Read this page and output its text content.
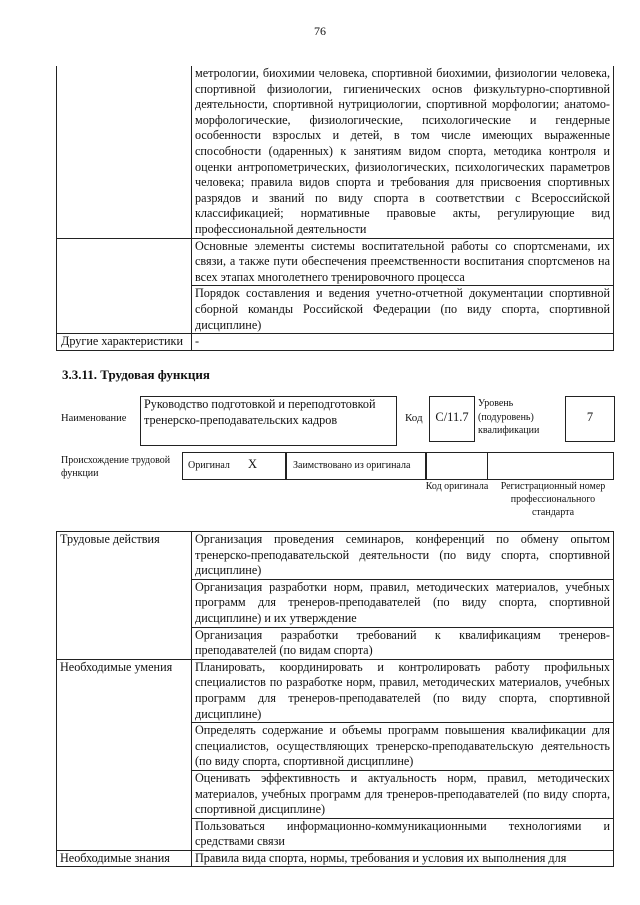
76
	метрологии, биохимии человека, спортивной биохимии, физиологии человека, спортивной физиологии, гигиенических основ физкультурно-спортивной деятельности, спортивной нутрициологии, спортивной морфологии; анатомо-морфологические, физиологические, психологические и гендерные особенности взрослых и детей, в том числе имеющих выраженные способности (одаренных) к занятиям видом спорта, методика контроля и оценки антропометрических, физиологических, психологических параметров человека; правила видов спорта и требования для присвоения спортивных разрядов и званий по виду спорта в соответствии с Всероссийской классификацией; нормативные правовые акты, регулирующие вид профессиональной деятельности
	Основные элементы системы воспитательной работы со спортсменами, их связи, а также пути обеспечения преемственности воспитания спортсменов на всех этапах многолетнего тренировочного процесса
	Порядок составления и ведения учетно-отчетной документации спортивной сборной команды Российской Федерации (по виду спорта, спортивной дисциплине)
Другие характеристики	-
3.3.11. Трудовая функция
Наименование
Руководство подготовкой и переподготовкой тренерско-преподавательских кадров	Код	C/11.7
Уровень (подуровень) квалификации
7
Происхождение трудовой функции
Оригинал X	Заимствовано из оригинала
Код оригинала	Регистрационный номер профессионального стандарта
Трудовые действия	Организация проведения семинаров, конференций по обмену опытом тренерско-преподавательской деятельности (по виду спорта, спортивной дисциплине)
	Организация разработки норм, правил, методических материалов, учебных программ для тренеров-преподавателей (по виду спорта, спортивной дисциплине) и их утверждение
	Организация разработки требований к квалификациям тренеров-преподавателей (по видам спорта)
Необходимые умения	Планировать, координировать и контролировать работу профильных специалистов по разработке норм, правил, методических материалов, учебных программ для тренеров-преподавателей (по виду спорта, спортивной дисциплине)
	Определять содержание и объемы программ повышения квалификации для специалистов, осуществляющих тренерско-преподавательскую деятельность (по виду спорта, спортивной дисциплине)
	Оценивать эффективность и актуальность норм, правил, методических материалов, учебных программ для тренеров-преподавателей (по виду спорта, спортивной дисциплине)
	Пользоваться информационно-коммуникационными технологиями и средствами связи
Необходимые знания	Правила вида спорта, нормы, требования и условия их выполнения для
